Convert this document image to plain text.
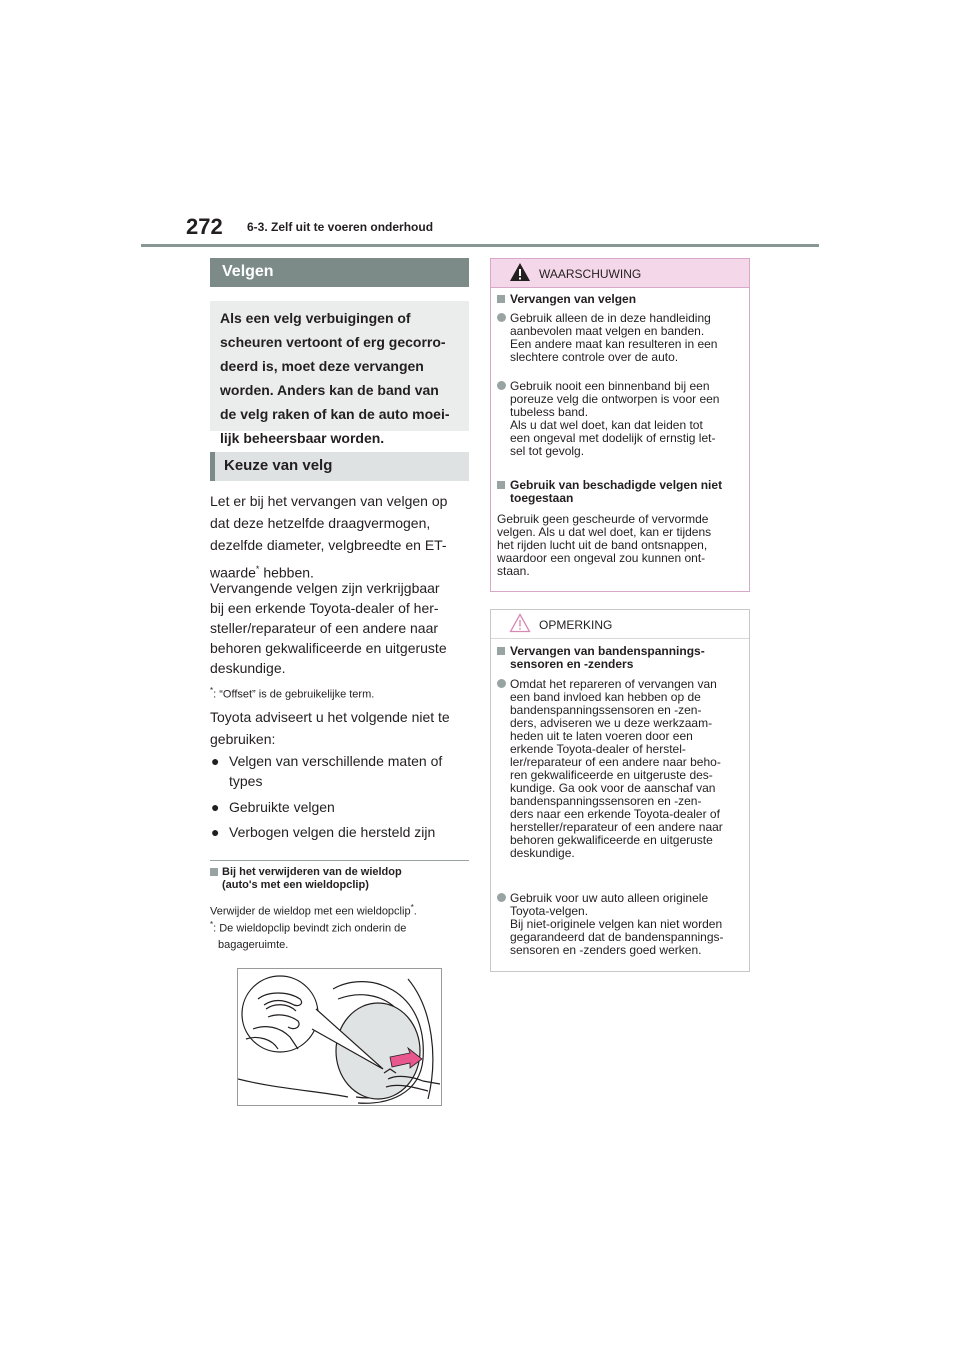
272 6-3. Zelf uit te voeren onderhoud
Velgen
Als een velg verbuigingen of
scheuren vertoont of erg gecorro-
deerd is, moet deze vervangen
worden. Anders kan de band van
de velg raken of kan de auto moei-
lijk beheersbaar worden.
Keuze van velg
Let er bij het vervangen van velgen op
dat deze hetzelfde draagvermogen,
dezelfde diameter, velgbreedte en ET-
waarde* hebben.
Vervangende velgen zijn verkrijgbaar
bij een erkende Toyota-dealer of her-
steller/reparateur of een andere naar
behoren gekwalificeerde en uitgeruste
deskundige.
*: “Offset” is de gebruikelijke term.
Toyota adviseert u het volgende niet te
gebruiken:
● Velgen van verschillende maten of
types
● Gebruikte velgen
● Verbogen velgen die hersteld zijn
Bij het verwijderen van de wieldop
(auto's met een wieldopclip)
Verwijder de wieldop met een wieldopclip*.
*: De wieldopclip bevindt zich onderin de
bagageruimte.
WAARSCHUWING
Vervangen van velgen
Gebruik alleen de in deze handleiding
aanbevolen maat velgen en banden.
Een andere maat kan resulteren in een
slechtere controle over de auto.
Gebruik nooit een binnenband bij een
poreuze velg die ontworpen is voor een
tubeless band.
Als u dat wel doet, kan dat leiden tot
een ongeval met dodelijk of ernstig let-
sel tot gevolg.
Gebruik van beschadigde velgen niet
toegestaan
Gebruik geen gescheurde of vervormde
velgen. Als u dat wel doet, kan er tijdens
het rijden lucht uit de band ontsnappen,
waardoor een ongeval zou kunnen ont-
staan.
OPMERKING
Vervangen van bandenspannings-
sensoren en -zenders
Omdat het repareren of vervangen van
een band invloed kan hebben op de
bandenspanningssensoren en -zen-
ders, adviseren we u deze werkzaam-
heden uit te laten voeren door een
erkende Toyota-dealer of herstel-
ler/reparateur of een andere naar beho-
ren gekwalificeerde en uitgeruste des-
kundige. Ga ook voor de aanschaf van
bandenspanningssensoren en -zen-
ders naar een erkende Toyota-dealer of
hersteller/reparateur of een andere naar
behoren gekwalificeerde en uitgeruste
deskundige.
Gebruik voor uw auto alleen originele
Toyota-velgen.
Bij niet-originele velgen kan niet worden
gegarandeerd dat de bandenspannings-
sensoren en -zenders goed werken.
